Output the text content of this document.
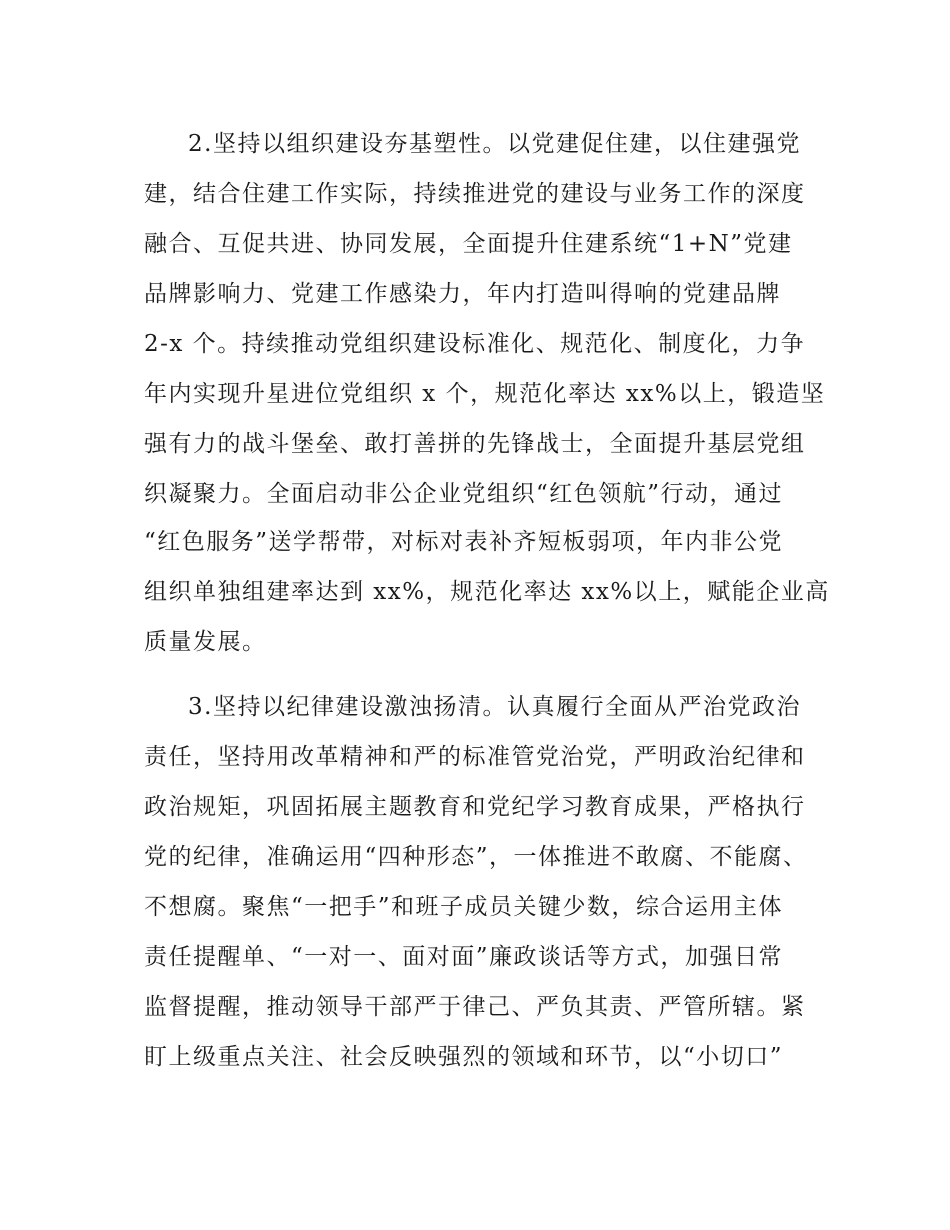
2.坚持以组织建设夯基塑性。以党建促住建，以住建强党

建，结合住建工作实际，持续推进党的建设与业务工作的深度

融合、互促共进、协同发展，全面提升住建系统“1+N”党建

品牌影响力、党建工作感染力，年内打造叫得响的党建品牌

2-x 个。持续推动党组织建设标准化、规范化、制度化，力争

年内实现升星进位党组织 x 个，规范化率达 xx%以上，锻造坚

强有力的战斗堡垒、敢打善拼的先锋战士，全面提升基层党组

织凝聚力。全面启动非公企业党组织“红色领航”行动，通过

“红色服务”送学帮带，对标对表补齐短板弱项，年内非公党

组织单独组建率达到 xx%，规范化率达 xx%以上，赋能企业高

质量发展。

3.坚持以纪律建设激浊扬清。认真履行全面从严治党政治

责任，坚持用改革精神和严的标准管党治党，严明政治纪律和

政治规矩，巩固拓展主题教育和党纪学习教育成果，严格执行

党的纪律，准确运用“四种形态”，一体推进不敢腐、不能腐、

不想腐。聚焦“一把手”和班子成员关键少数，综合运用主体

责任提醒单、“一对一、面对面”廉政谈话等方式，加强日常

监督提醒，推动领导干部严于律己、严负其责、严管所辖。紧

盯上级重点关注、社会反映强烈的领域和环节，以“小切口”
